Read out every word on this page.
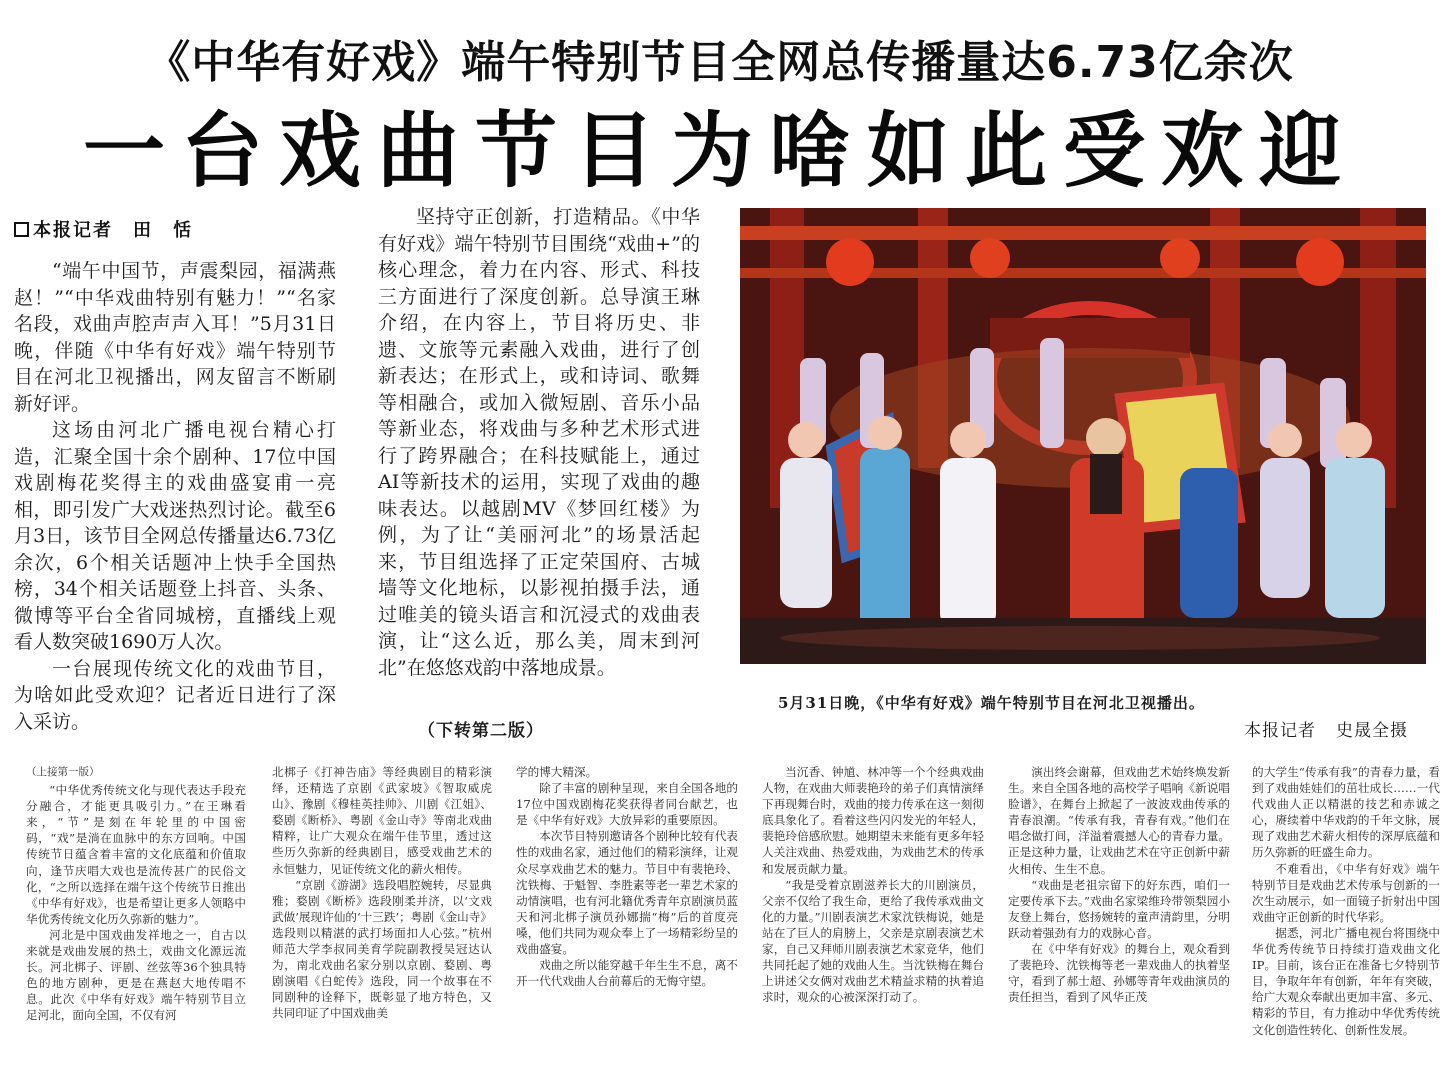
《中华有好戏》端午特别节目全网总传播量达6.73亿余次
一台戏曲节目为啥如此受欢迎
本报记者　田　恬

“端午中国节，声震梨园，福满燕赵！”“中华戏曲特别有魅力！”“名家名段，戏曲声腔声声入耳！”5月31日晚，伴随《中华有好戏》端午特别节目在河北卫视播出，网友留言不断刷新好评。

这场由河北广播电视台精心打造，汇聚全国十余个剧种、17位中国戏剧梅花奖得主的戏曲盛宴甫一亮相，即引发广大戏迷热烈讨论。截至6月3日，该节目全网总传播量达6.73亿余次，6个相关话题冲上快手全国热榜，34个相关话题登上抖音、头条、微博等平台全省同城榜，直播线上观看人数突破1690万人次。

一台展现传统文化的戏曲节目，为啥如此受欢迎？记者近日进行了深入采访。

坚持守正创新，打造精品。《中华有好戏》端午特别节目围绕“戏曲+”的核心理念，着力在内容、形式、科技三方面进行了深度创新。总导演王琳介绍，在内容上，节目将历史、非遗、文旅等元素融入戏曲，进行了创新表达；在形式上，或和诗词、歌舞等相融合，或加入微短剧、音乐小品等新业态，将戏曲与多种艺术形式进行了跨界融合；在科技赋能上，通过AI等新技术的运用，实现了戏曲的趣味表达。以越剧MV《梦回红楼》为例，为了让“美丽河北”的场景活起来，节目组选择了正定荣国府、古城墙等文化地标，以影视拍摄手法，通过唯美的镜头语言和沉浸式的戏曲表演，让“这么近，那么美，周末到河北”在悠悠戏韵中落地成景。

（下转第二版）
5月31日晚，《中华有好戏》端午特别节目在河北卫视播出。
本报记者 史晟全摄

（上接第一版）

“中华优秀传统文化与现代表达手段充分融合，才能更具吸引力。”在王琳看来，“节”是刻在年轮里的中国密码，“戏”是淌在血脉中的东方回响。中国传统节日蕴含着丰富的文化底蕴和价值取向，逢节庆唱大戏也是流传甚广的民俗文化，“之所以选择在端午这个传统节日推出《中华有好戏》，也是希望让更多人领略中华优秀传统文化历久弥新的魅力”。

河北是中国戏曲发祥地之一，自古以来就是戏曲发展的热土，戏曲文化源远流长。河北梆子、评剧、丝弦等36个独具特色的地方剧种，更是在燕赵大地传唱不息。此次《中华有好戏》端午特别节目立足河北，面向全国，不仅有河

北梆子《打神告庙》等经典剧目的精彩演绎，还精选了京剧《武家坡》《智取威虎山》、豫剧《穆桂英挂帅》、川剧《江姐》、婺剧《断桥》、粤剧《金山寺》等南北戏曲精粹，让广大观众在端午佳节里，透过这些历久弥新的经典剧目，感受戏曲艺术的永恒魅力，见证传统文化的薪火相传。

“京剧《游湖》选段唱腔婉转，尽显典雅；婺剧《断桥》选段刚柔并济，以‘文戏武做’展现许仙的‘十三跌’；粤剧《金山寺》选段则以精湛的武打场面扣人心弦。”杭州师范大学李叔同美育学院副教授吴冠达认为，南北戏曲名家分别以京剧、婺剧、粤剧演唱《白蛇传》选段，同一个故事在不同剧种的诠释下，既彰显了地方特色，又共同印证了中国戏曲美

学的博大精深。

除了丰富的剧种呈现，来自全国各地的17位中国戏剧梅花奖获得者同台献艺，也是《中华有好戏》大放异彩的重要原因。

本次节目特别邀请各个剧种比较有代表性的戏曲名家，通过他们的精彩演绎，让观众尽享戏曲艺术的魅力。节目中有裴艳玲、沈铁梅、于魁智、李胜素等老一辈艺术家的动情演唱，也有河北籍优秀青年京剧演员蓝天和河北梆子演员孙娜揣“梅”后的首度亮嗓，他们共同为观众奉上了一场精彩纷呈的戏曲盛宴。

戏曲之所以能穿越千年生生不息，离不开一代代戏曲人台前幕后的无悔守望。

当沉香、钟馗、林冲等一个个经典戏曲人物，在戏曲大师裴艳玲的弟子们真情演绎下再现舞台时，戏曲的接力传承在这一刻彻底具象化了。看着这些闪闪发光的年轻人，裴艳玲倍感欣慰。她期望未来能有更多年轻人关注戏曲、热爱戏曲，为戏曲艺术的传承和发展贡献力量。

“我是受着京剧滋养长大的川剧演员，父亲不仅给了我生命，更给了我传承戏曲文化的力量。”川剧表演艺术家沈铁梅说，她是站在了巨人的肩膀上，父亲是京剧表演艺术家，自己又拜师川剧表演艺术家竞华，他们共同托起了她的戏曲人生。当沈铁梅在舞台上讲述父女俩对戏曲艺术精益求精的执着追求时，观众的心被深深打动了。

演出终会谢幕，但戏曲艺术始终焕发新生。来自全国各地的高校学子唱响《新说唱脸谱》，在舞台上掀起了一波波戏曲传承的青春浪潮。“传承有我，青春有戏。”他们在唱念做打间，洋溢着震撼人心的青春力量。正是这种力量，让戏曲艺术在守正创新中薪火相传、生生不息。

“戏曲是老祖宗留下的好东西，咱们一定要传承下去。”戏曲名家梁维玲带领梨园小友登上舞台，悠扬婉转的童声清韵里，分明跃动着强劲有力的戏脉心音。

在《中华有好戏》的舞台上，观众看到了裴艳玲、沈铁梅等老一辈戏曲人的执着坚守，看到了郝士超、孙娜等青年戏曲演员的责任担当，看到了风华正茂

的大学生“传承有我”的青春力量，看到了戏曲娃娃们的茁壮成长……一代代戏曲人正以精湛的技艺和赤诚之心，赓续着中华戏韵的千年文脉，展现了戏曲艺术薪火相传的深厚底蕴和历久弥新的旺盛生命力。

不难看出，《中华有好戏》端午特别节目是戏曲艺术传承与创新的一次生动展示，如一面镜子折射出中国戏曲守正创新的时代华彩。

据悉，河北广播电视台将围绕中华优秀传统节日持续打造戏曲文化IP。目前，该台正在准备七夕特别节目，争取年年有创新，年年有突破，给广大观众奉献出更加丰富、多元、精彩的节目，有力推动中华优秀传统文化创造性转化、创新性发展。
